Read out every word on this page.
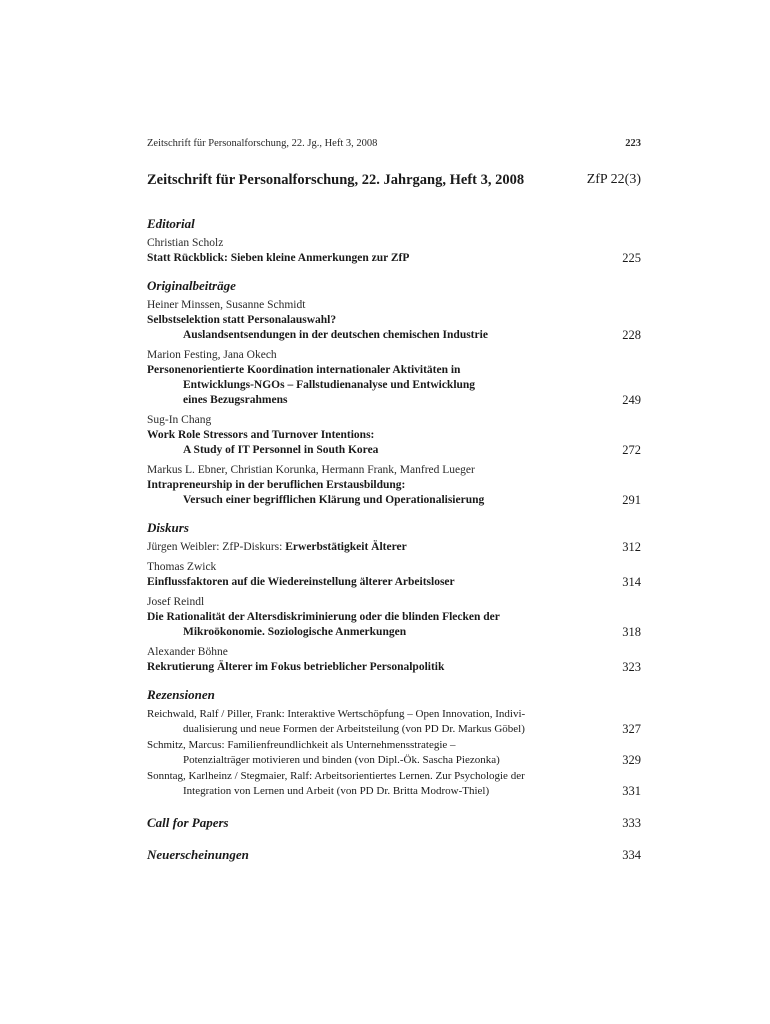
Zeitschrift für Personalforschung, 22. Jg., Heft 3, 2008	223
Zeitschrift für Personalforschung, 22. Jahrgang, Heft 3, 2008	ZfP 22(3)
Editorial
Christian Scholz
Statt Rückblick: Sieben kleine Anmerkungen zur ZfP	225
Originalbeiträge
Heiner Minssen, Susanne Schmidt
Selbstselektion statt Personalauswahl?
Auslandsentsendungen in der deutschen chemischen Industrie	228
Marion Festing, Jana Okech
Personenorientierte Koordination internationaler Aktivitäten in
Entwicklungs-NGOs – Fallstudienanalyse und Entwicklung
eines Bezugsrahmens	249
Sug-In Chang
Work Role Stressors and Turnover Intentions:
A Study of IT Personnel in South Korea	272
Markus L. Ebner, Christian Korunka, Hermann Frank, Manfred Lueger
Intrapreneurship in der beruflichen Erstausbildung:
Versuch einer begrifflichen Klärung und Operationalisierung	291
Diskurs
Jürgen Weibler: ZfP-Diskurs: Erwerbstätigkeit Älterer	312
Thomas Zwick
Einflussfaktoren auf die Wiedereinstellung älterer Arbeitsloser	314
Josef Reindl
Die Rationalität der Altersdiskriminierung oder die blinden Flecken der
Mikroökonomie. Soziologische Anmerkungen	318
Alexander Böhne
Rekrutierung Älterer im Fokus betrieblicher Personalpolitik	323
Rezensionen
Reichwald, Ralf / Piller, Frank: Interaktive Wertschöpfung – Open Innovation, Indivi-
dualisierung und neue Formen der Arbeitsteilung (von PD Dr. Markus Göbel)	327
Schmitz, Marcus: Familienfreundlichkeit als Unternehmensstrategie –
Potenzialträger motivieren und binden (von Dipl.-Ök. Sascha Piezonka)	329
Sonntag, Karlheinz / Stegmaier, Ralf: Arbeitsorientiertes Lernen. Zur Psychologie der
Integration von Lernen und Arbeit (von PD Dr. Britta Modrow-Thiel)	331
Call for Papers	333
Neuerscheinungen	334
